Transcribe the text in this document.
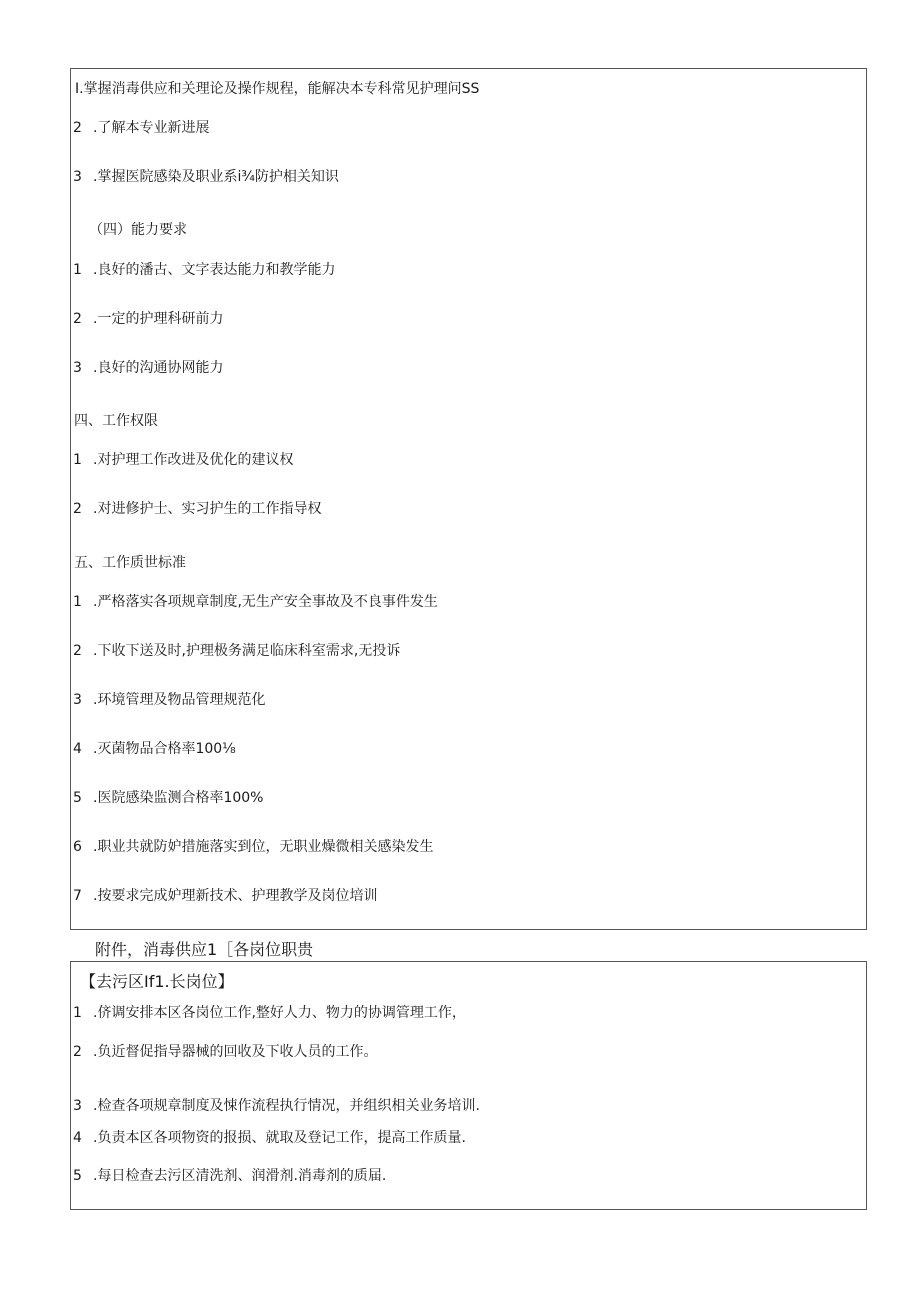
I.掌握消毒供应和关理论及操作规程，能解决本专科常见护理问SS
2 .了解本专业新进展
3 .掌握医院感染及职业系i¾防护相关知识
（四）能力要求
1 .良好的潘古、文字表达能力和教学能力
2 .一定的护理科研前力
3 .良好的沟通协网能力
四、工作权限
1 .对护理工作改进及优化的建议权
2 .对进修护士、实习护生的工作指导权
五、工作质世标准
1 .严格落实各项规章制度,无生产安全事故及不良事件发生
2 .下收下送及时,护理极务满足临床科室需求,无投诉
3 .环境管理及物品管理规范化
4 .灭菌物品合格率100⅛
5 .医院感染监测合格率100%
6 .职业共就防妒措施落实到位，无职业燥微相关感染发生
7 .按要求完成妒理新技术、护理教学及岗位培训
附件，消毒供应1［各岗位职贵
【去污区If1.长岗位】
1 .侪调安排本区各岗位工作,整好人力、物力的协调管理工作，
2 .负近督促指导器械的回收及下收人员的工作。
3 .检查各项规章制度及悚作流程执行情况，并组织相关业务培训.
4 .负责本区各项物资的报损、就取及登记工作，提高工作质量.
5 .每日检查去污区清洗剂、润滑剂.消毒剂的质届.
